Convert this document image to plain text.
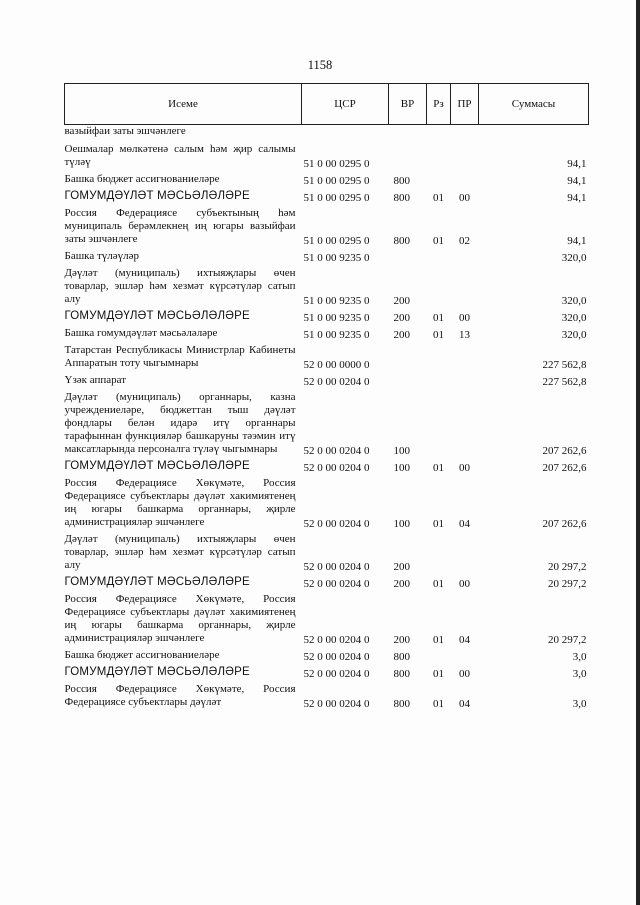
1158
Исеме	ЦСР	ВР	Рз	ПР	Суммасы
вазыйфаи заты эшчәнлеге					
Оешмалар мөлкәтенә салым һәм җир салымы түләү	51 0 00 0295 0				94,1
Башка бюджет ассигнованиеләре	51 0 00 0295 0	800			94,1
ГОМУМДӘҮЛӘТ МӘСЬӘЛӘЛӘРЕ	51 0 00 0295 0	800	01	00	94,1
Россия Федерациясе субъектының һәм муниципаль берәмлекнең иң югары вазыйфаи заты эшчәнлеге	51 0 00 0295 0	800	01	02	94,1
Башка түләүләр	51 0 00 9235 0				320,0
Дәүләт (муниципаль) ихтыяҗлары өчен товарлар, эшләр һәм хезмәт күрсәтүләр сатып алу	51 0 00 9235 0	200			320,0
ГОМУМДӘҮЛӘТ МӘСЬӘЛӘЛӘРЕ	51 0 00 9235 0	200	01	00	320,0
Башка гомумдәүләт мәсьәләләре	51 0 00 9235 0	200	01	13	320,0
Татарстан Республикасы Министрлар Кабинеты Аппаратын тоту чыгымнары	52 0 00 0000 0				227 562,8
Үзәк аппарат	52 0 00 0204 0				227 562,8
Дәүләт (муниципаль) органнары, казна учреждениеләре, бюджеттан тыш дәүләт фондлары белән идарә итү органнары тарафыннан функцияләр башкаруны тәэмин итү максатларында персоналга түләү чыгымнары	52 0 00 0204 0	100			207 262,6
ГОМУМДӘҮЛӘТ МӘСЬӘЛӘЛӘРЕ	52 0 00 0204 0	100	01	00	207 262,6
Россия Федерациясе Хөкүмәте, Россия Федерациясе субъектлары дәүләт хакимиятенең иң югары башкарма органнары, җирле администрацияләр эшчәнлеге	52 0 00 0204 0	100	01	04	207 262,6
Дәүләт (муниципаль) ихтыяҗлары өчен товарлар, эшләр һәм хезмәт күрсәтүләр сатып алу	52 0 00 0204 0	200			20 297,2
ГОМУМДӘҮЛӘТ МӘСЬӘЛӘЛӘРЕ	52 0 00 0204 0	200	01	00	20 297,2
Россия Федерациясе Хөкүмәте, Россия Федерациясе субъектлары дәүләт хакимиятенең иң югары башкарма органнары, җирле администрацияләр эшчәнлеге	52 0 00 0204 0	200	01	04	20 297,2
Башка бюджет ассигнованиеләре	52 0 00 0204 0	800			3,0
ГОМУМДӘҮЛӘТ МӘСЬӘЛӘЛӘРЕ	52 0 00 0204 0	800	01	00	3,0
Россия Федерациясе Хөкүмәте, Россия Федерациясе субъектлары дәүләт	52 0 00 0204 0	800	01	04	3,0
